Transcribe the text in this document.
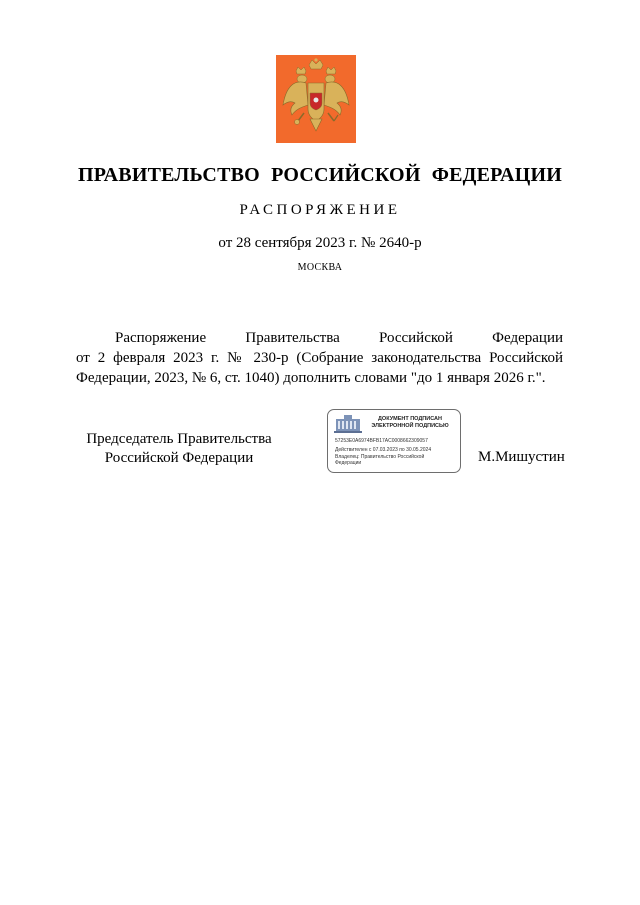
ПРАВИТЕЛЬСТВО РОССИЙСКОЙ ФЕДЕРАЦИИ
РАСПОРЯЖЕНИЕ
от 28 сентября 2023 г. № 2640-р
МОСКВА
Распоряжение Правительства Российской Федерации
от 2 февраля 2023 г. № 230-р (Собрание законодательства Российской
Федерации, 2023, № 6, ст. 1040) дополнить словами "до 1 января 2026 г.".
Председатель Правительства
Российской Федерации
ДОКУМЕНТ ПОДПИСАН
ЭЛЕКТРОННОЙ ПОДПИСЬЮ
57253E0A6974BFB17AC0008662309057
Действителен с 07.03.2023 по 30.05.2024
Владелец: Правительство Российской
Федерации	М.Мишустин
